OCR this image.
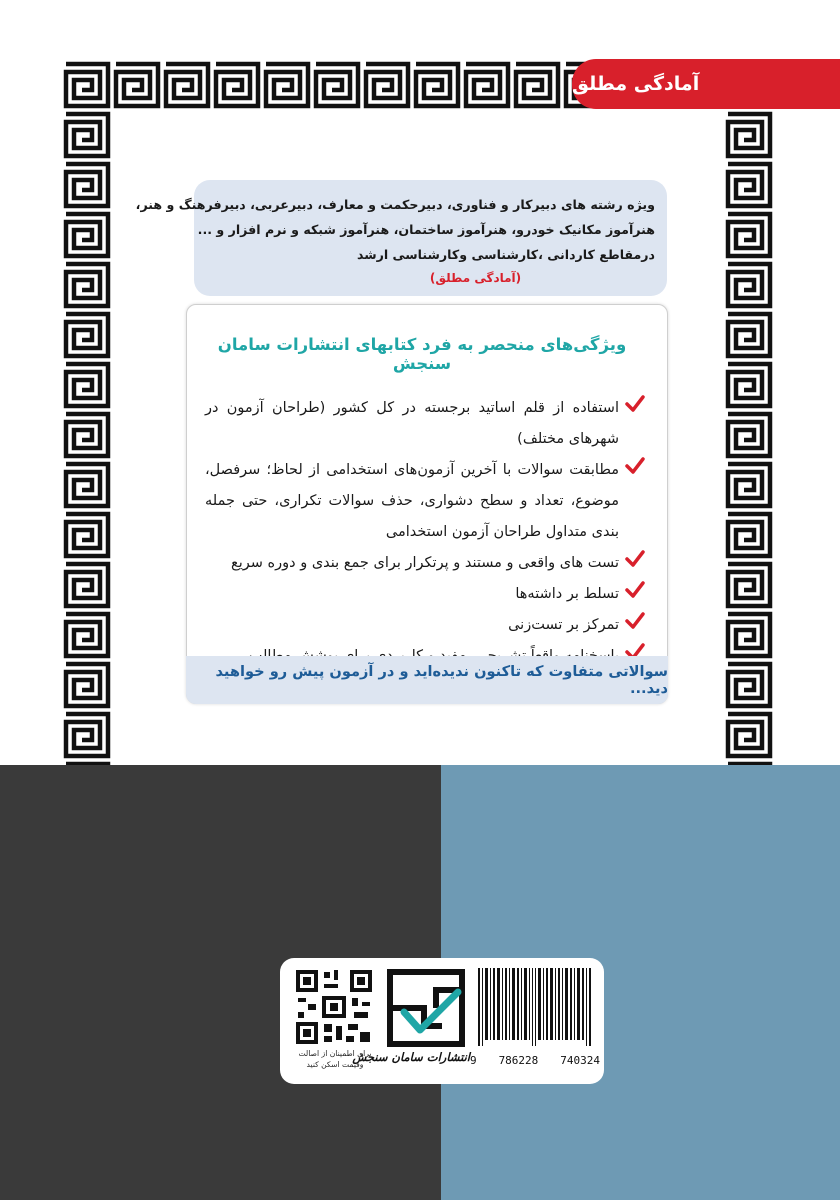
آمادگی مطلق
ویژه رشته های دبیرکار و فناوری، دبیرحکمت و معارف، دبیرعربی، دبیرفرهنگ و هنر،
هنرآموز مکانیک خودرو، هنرآموز ساختمان، هنرآموز شبکه و نرم افزار و ...
درمقاطع کاردانی ،کارشناسی وکارشناسی ارشد
(آمادگی مطلق)
ویژگی‌های منحصر به فرد کتابهای انتشارات سامان سنجش
استفاده از قلم اساتید برجسته در کل کشور (طراحان آزمون در شهرهای مختلف)
مطابقت سوالات با آخرین آزمون‌های استخدامی از لحاظ؛ سرفصل، موضوع، تعداد و سطح دشواری، حذف سوالات تکراری، حتی جمله بندی متداول طراحان آزمون استخدامی
تست های واقعی و مستند و پرتکرار برای جمع بندی و دوره سریع
تسلط بر داشته‌ها
تمرکز بر تست‌زنی
سوالاتی متفاوت که تاکنون ندیده‌اید و در آزمون پیش رو خواهید دید...
برای اطمینان از اصالت
وقیمت اسکن کنید
انتشارات سامان سنجش 9 786228 740324
